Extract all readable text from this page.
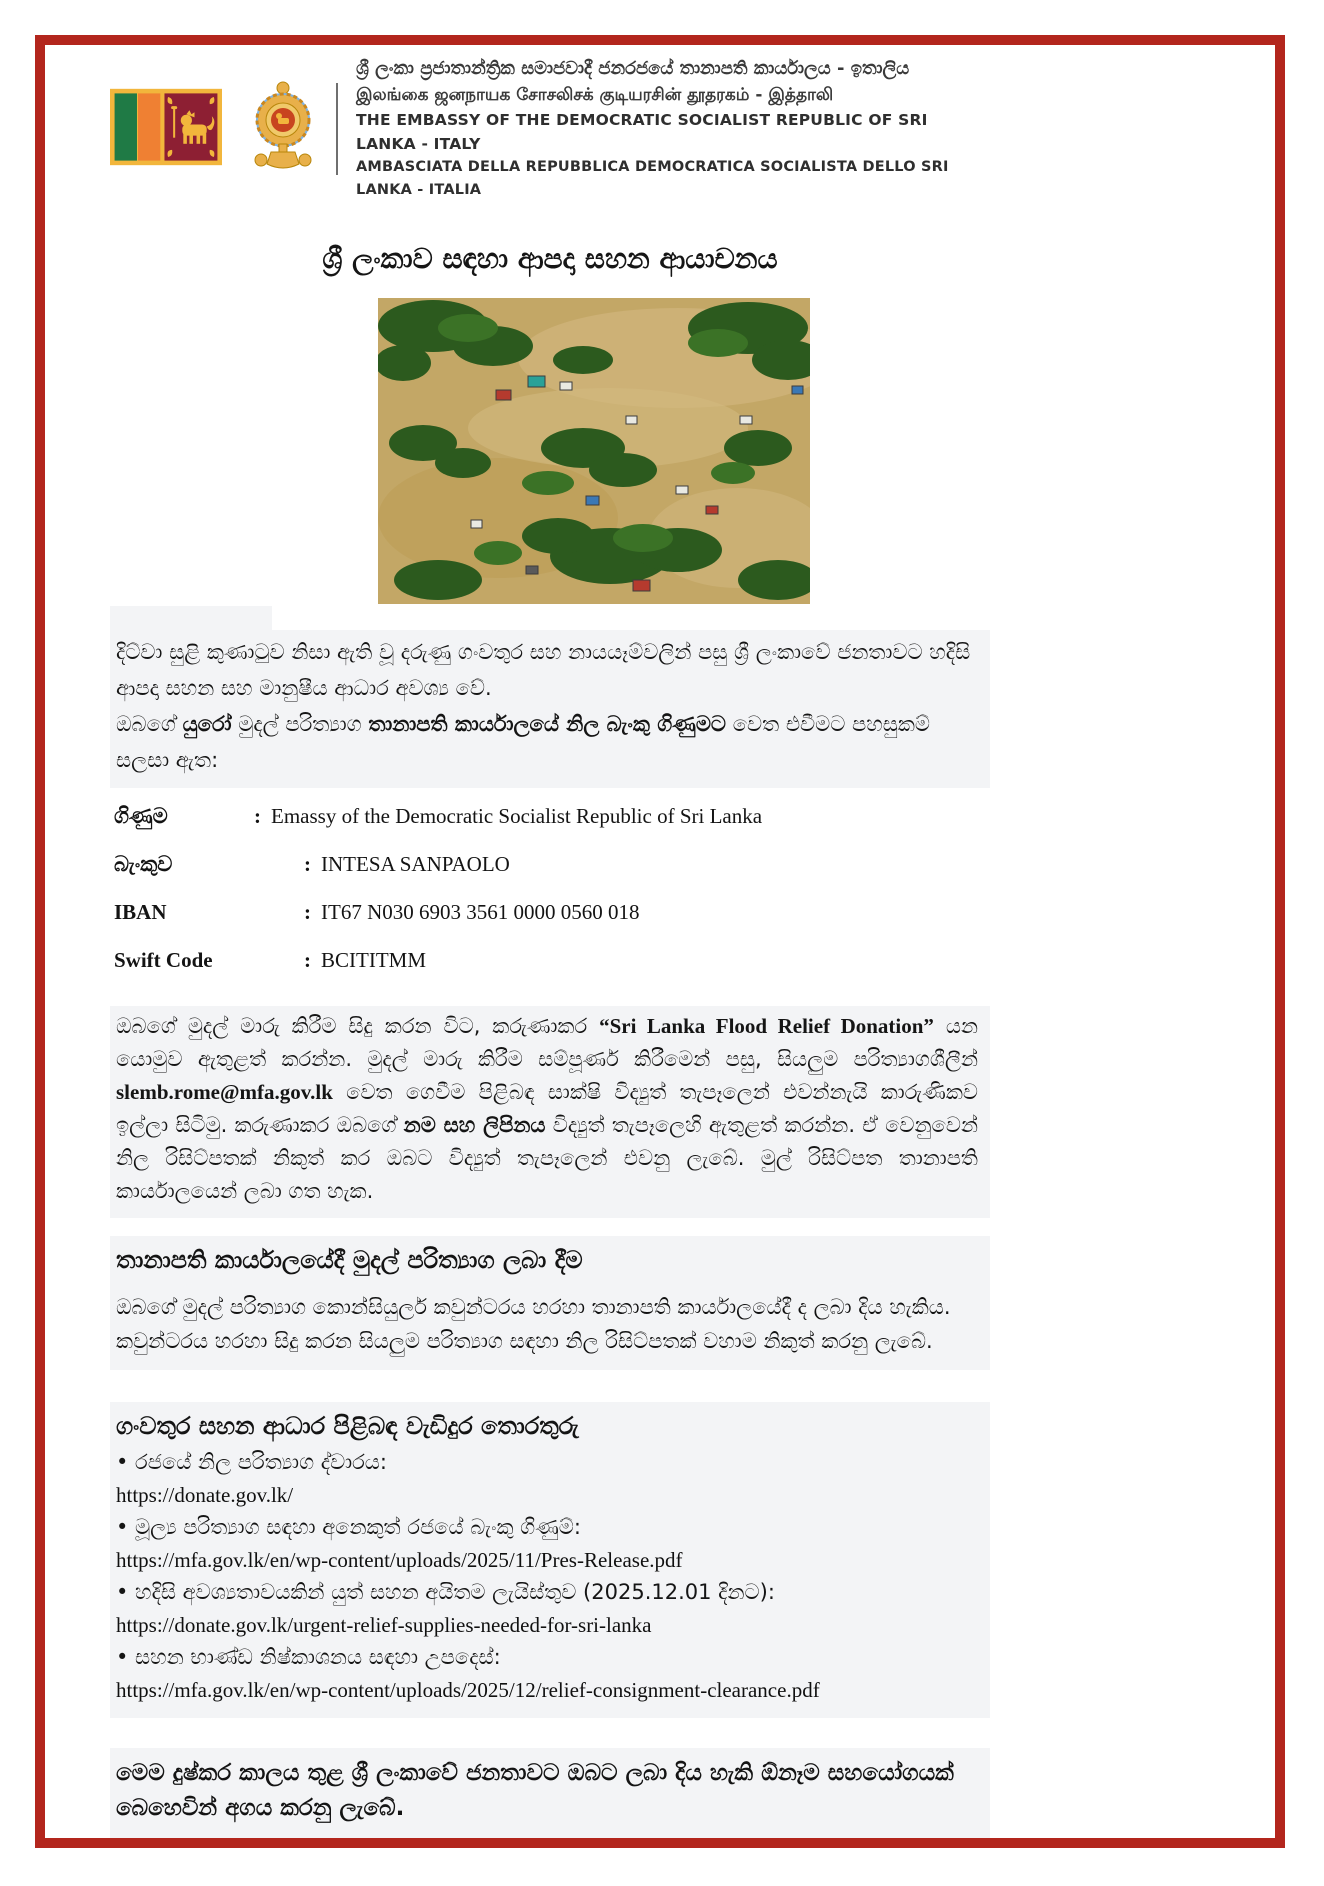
ශ්‍රී ලංකා ප්‍රජාතාන්ත්‍රික සමාජවාදී ජනරජයේ තානාපති කාර්යාලය - ඉතාලිය
இலங்கை ஜனநாயக சோசலிசக் குடியரசின் தூதரகம் - இத்தாலி
THE EMBASSY OF THE DEMOCRATIC SOCIALIST REPUBLIC OF SRI LANKA - ITALY
AMBASCIATA DELLA REPUBBLICA DEMOCRATICA SOCIALISTA DELLO SRI LANKA - ITALIA
ශ්‍රී ලංකාව සඳහා ආපදා සහන ආයාචනය
දිට්වා සුළි කුණාටුව නිසා ඇති වූ දරුණු ගංවතුර සහ නායයෑම්වලින් පසු ශ්‍රී ලංකාවේ ජනතාවට හදිසි ආපදා සහන සහ මානුෂීය ආධාර අවශ්‍ය වේ.
ඔබගේ යුරෝ මුදල් පරිත්‍යාග තානාපති කාර්යාලයේ නිල බැංකු ගිණුමට වෙත එවීමට පහසුකම් සලසා ඇත:
ගිණුම	: Emassy of the Democratic Socialist Republic of Sri Lanka
බැංකුව	: INTESA SANPAOLO
IBAN	: IT67 N030 6903 3561 0000 0560 018
Swift Code	: BCITITMM
ඔබගේ මුදල් මාරු කිරීම සිදු කරන විට, කරුණාකර “Sri Lanka Flood Relief Donation” යන යොමුව ඇතුළත් කරන්න. මුදල් මාරු කිරීම සම්පූර්ණ කිරීමෙන් පසු, සියලුම පරිත්‍යාගශීලීන් slemb.rome@mfa.gov.lk වෙත ගෙවීම පිළිබඳ සාක්ෂි විද්‍යුත් තැපෑලෙන් එවන්නැයි කාරුණිකව ඉල්ලා සිටිමු. කරුණාකර ඔබගේ නම සහ ලිපිනය විද්‍යුත් තැපෑලෙහි ඇතුළත් කරන්න. ඒ වෙනුවෙන් නිල රිසිට්පතක් නිකුත් කර ඔබට විද්‍යුත් තැපෑලෙන් එවනු ලැබේ. මුල් රිසිට්පත තානාපති කාර්යාලයෙන් ලබා ගත හැක.
තානාපති කාර්යාලයේදී මුදල් පරිත්‍යාග ලබා දීම

ඔබගේ මුදල් පරිත්‍යාග කොන්සියුලර් කවුන්ටරය හරහා තානාපති කාර්යාලයේදී ද ලබා දිය හැකිය. කවුන්ටරය හරහා සිදු කරන සියලුම පරිත්‍යාග සඳහා නිල රිසිට්පතක් වහාම නිකුත් කරනු ලැබේ.

ගංවතුර සහන ආධාර පිළිබඳ වැඩිදුර තොරතුරු
• රජයේ නිල පරිත්‍යාග ද්වාරය:
https://donate.gov.lk/
• මූල්‍ය පරිත්‍යාග සඳහා අනෙකුත් රජයේ බැංකු ගිණුම්:
https://mfa.gov.lk/en/wp-content/uploads/2025/11/Pres-Release.pdf
• හදිසි අවශ්‍යතාවයකින් යුත් සහන අයිතම ලැයිස්තුව (2025.12.01 දිනට):
https://donate.gov.lk/urgent-relief-supplies-needed-for-sri-lanka
• සහන භාණ්ඩ නිෂ්කාශනය සඳහා උපදෙස්:
https://mfa.gov.lk/en/wp-content/uploads/2025/12/relief-consignment-clearance.pdf
මෙම දුෂ්කර කාලය තුළ ශ්‍රී ලංකාවේ ජනතාවට ඔබට ලබා දිය හැකි ඕනෑම සහයෝගයක් බෙහෙවින් අගය කරනු ලැබේ.
